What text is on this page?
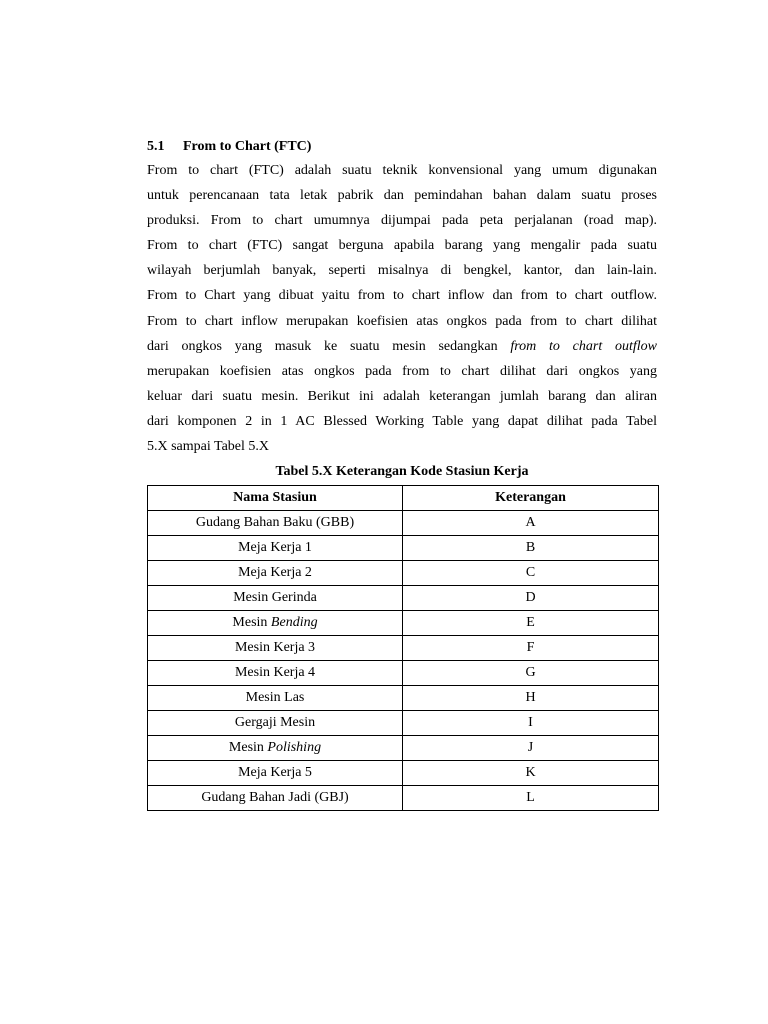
5.1 From to Chart (FTC)

From to chart (FTC) adalah suatu teknik konvensional yang umum digunakan
untuk perencanaan tata letak pabrik dan pemindahan bahan dalam suatu proses
produksi. From to chart umumnya dijumpai pada peta perjalanan (road map).
From to chart (FTC) sangat berguna apabila barang yang mengalir pada suatu
wilayah berjumlah banyak, seperti misalnya di bengkel, kantor, dan lain-lain.
From to Chart yang dibuat yaitu from to chart inflow dan from to chart outflow.
From to chart inflow merupakan koefisien atas ongkos pada from to chart dilihat
dari ongkos yang masuk ke suatu mesin sedangkan from to chart outflow
merupakan koefisien atas ongkos pada from to chart dilihat dari ongkos yang
keluar dari suatu mesin. Berikut ini adalah keterangan jumlah barang dan aliran
dari komponen 2 in 1 AC Blessed Working Table yang dapat dilihat pada Tabel
5.X sampai Tabel 5.X

Tabel 5.X Keterangan Kode Stasiun Kerja

Nama Stasiun	Keterangan
Gudang Bahan Baku (GBB)	A
Meja Kerja 1	B
Meja Kerja 2	C
Mesin Gerinda	D
Mesin Bending	E
Mesin Kerja 3	F
Mesin Kerja 4	G
Mesin Las	H
Gergaji Mesin	I
Mesin Polishing	J
Meja Kerja 5	K
Gudang Bahan Jadi (GBJ)	L
